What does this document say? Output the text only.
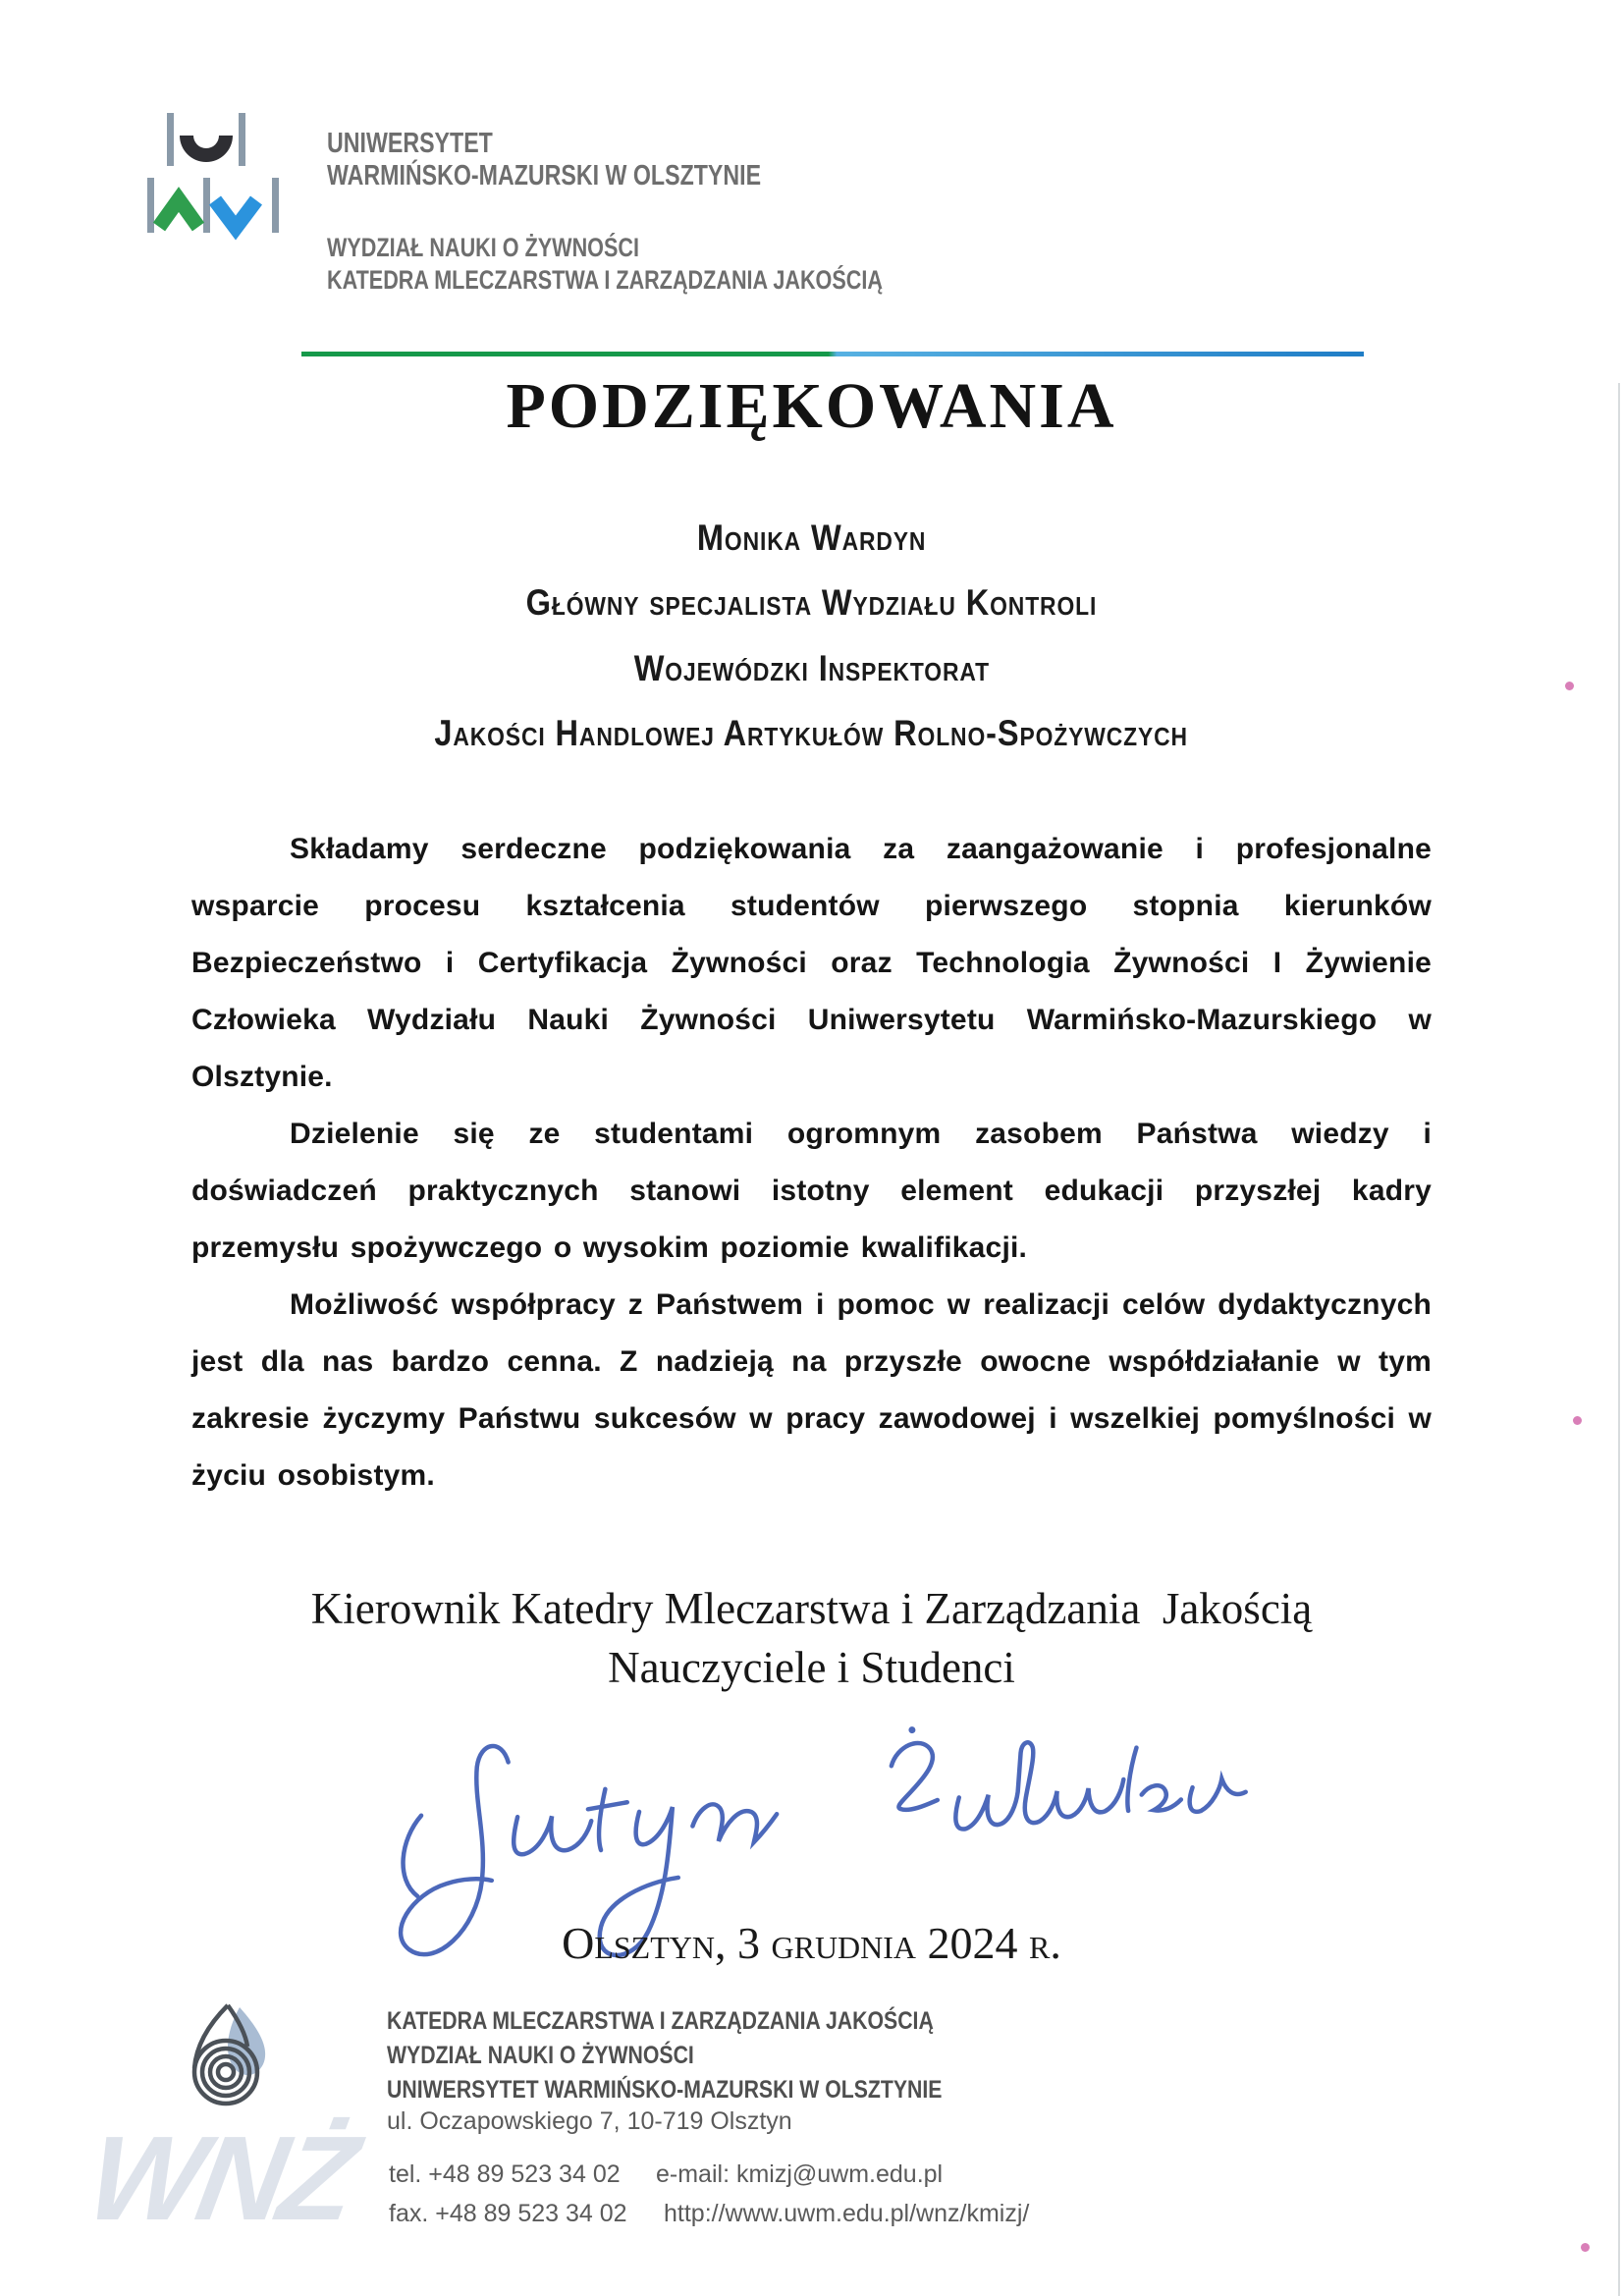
UNIWERSYTET
WARMIŃSKO-MAZURSKI W OLSZTYNIE
WYDZIAŁ NAUKI O ŻYWNOŚCI
KATEDRA MLECZARSTWA I ZARZĄDZANIA JAKOŚCIĄ
PODZIĘKOWANIA
Monika Wardyn
Główny specjalista Wydziału Kontroli
Wojewódzki Inspektorat
Jakości Handlowej Artykułów Rolno-Spożywczych

Składamy serdeczne podziękowania za zaangażowanie i profesjonalne wsparcie procesu kształcenia studentów pierwszego stopnia kierunków Bezpieczeństwo i Certyfikacja Żywności oraz Technologia Żywności I Żywienie Człowieka Wydziału Nauki Żywności Uniwersytetu Warmińsko-Mazurskiego w Olsztynie.

Dzielenie się ze studentami ogromnym zasobem Państwa wiedzy i doświadczeń praktycznych stanowi istotny element edukacji przyszłej kadry przemysłu spożywczego o wysokim poziomie kwalifikacji.

Możliwość współpracy z Państwem i pomoc w realizacji celów dydaktycznych jest dla nas bardzo cenna. Z nadzieją na przyszłe owocne współdziałanie w tym zakresie życzymy Państwu sukcesów w pracy zawodowej i wszelkiej pomyślności w życiu osobistym.

Kierownik Katedry Mleczarstwa i Zarządzania  Jakością
Nauczyciele i Studenci
Olsztyn, 3 grudnia 2024 r.
WNŻ
KATEDRA MLECZARSTWA I ZARZĄDZANIA JAKOŚCIĄ
WYDZIAŁ NAUKI O ŻYWNOŚCI
UNIWERSYTET WARMIŃSKO-MAZURSKI W OLSZTYNIE
ul. Oczapowskiego 7, 10-719 Olsztyn
tel. +48 89 523 34 02
fax. +48 89 523 34 02
e-mail: kmizj@uwm.edu.pl
http://www.uwm.edu.pl/wnz/kmizj/
